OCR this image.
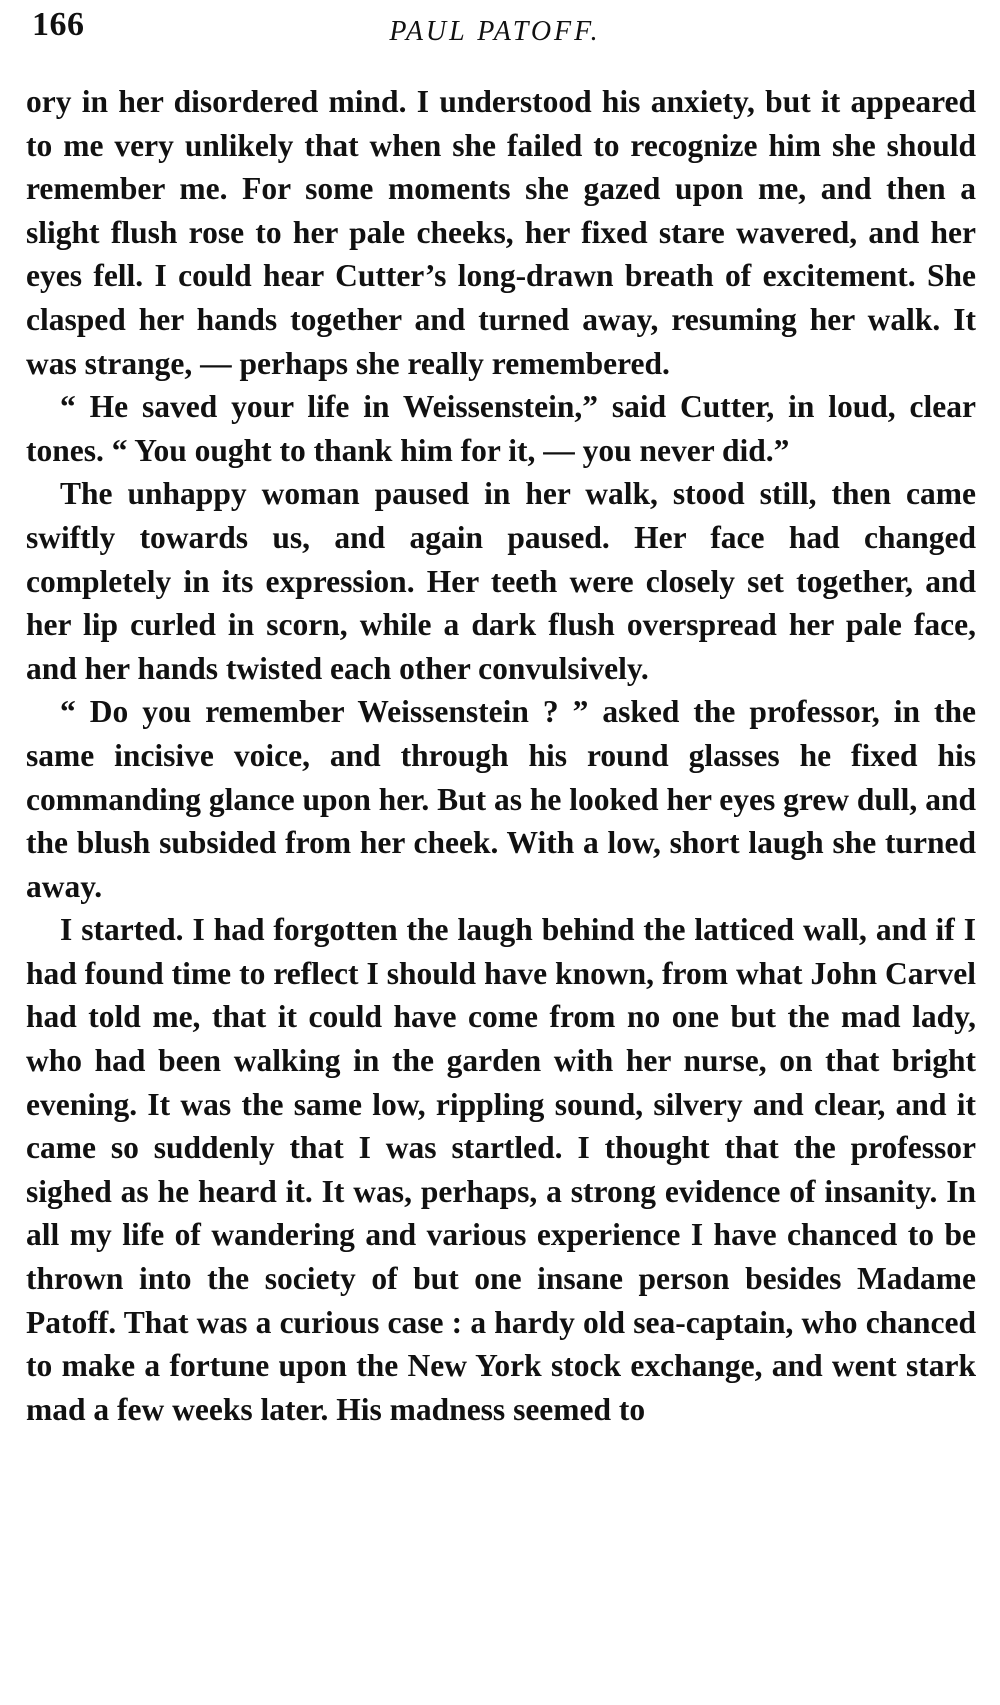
166	PAUL PATOFF.

ory in her disordered mind. I understood his anxiety, but it appeared to me very unlikely that when she failed to recognize him she should remember me. For some moments she gazed upon me, and then a slight flush rose to her pale cheeks, her fixed stare wavered, and her eyes fell. I could hear Cutter’s long-drawn breath of excitement. She clasped her hands together and turned away, resuming her walk. It was strange, — perhaps she really remembered.

“ He saved your life in Weissenstein,” said Cutter, in loud, clear tones. “ You ought to thank him for it, — you never did.”

The unhappy woman paused in her walk, stood still, then came swiftly towards us, and again paused. Her face had changed completely in its expression. Her teeth were closely set together, and her lip curled in scorn, while a dark flush overspread her pale face, and her hands twisted each other convulsively.

“ Do you remember Weissenstein ? ” asked the professor, in the same incisive voice, and through his round glasses he fixed his commanding glance upon her. But as he looked her eyes grew dull, and the blush subsided from her cheek. With a low, short laugh she turned away.

I started. I had forgotten the laugh behind the latticed wall, and if I had found time to reflect I should have known, from what John Carvel had told me, that it could have come from no one but the mad lady, who had been walking in the garden with her nurse, on that bright evening. It was the same low, rippling sound, silvery and clear, and it came so suddenly that I was startled. I thought that the professor sighed as he heard it. It was, perhaps, a strong evidence of insanity. In all my life of wandering and various experience I have chanced to be thrown into the society of but one insane person besides Madame Patoff. That was a curious case : a hardy old sea-captain, who chanced to make a fortune upon the New York stock exchange, and went stark mad a few weeks later. His madness seemed to
